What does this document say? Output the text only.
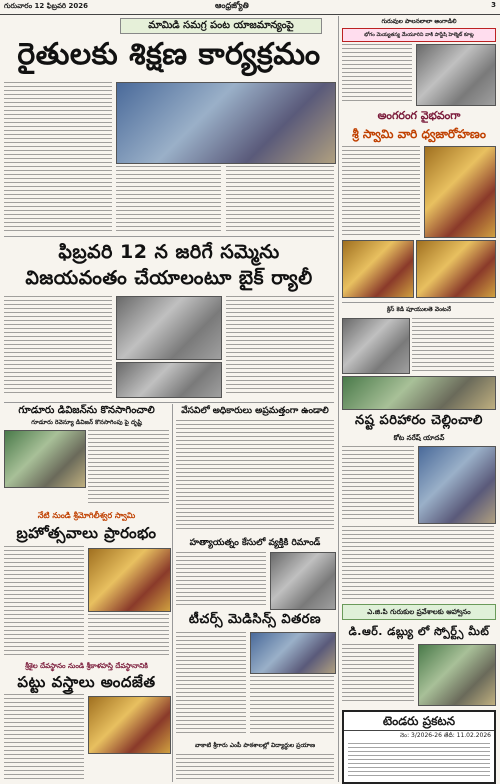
గురువారం 12 ఫిబ్రవరి 2026	ఆంధ్రజ్యోతి	3
మామిడి సమగ్ర పంట యాజమాన్యంపై
రైతులకు శిక్షణ కార్యక్రమం
ఫిబ్రవరి 12 న జరిగే సమ్మెను
విజయవంతం చేయాలంటూ బైక్ ర్యాలీ
గూడూరు డివిజన్‌ను కొనసాగించాలి
గూడూరు రెవెన్యూ డివిజన్ కొనసాగింపు పై దృష్టి
వేసవిలో అధికారులు అప్రమత్తంగా ఉండాలి
నేటి నుండి శ్రీమోగిలీశ్వర స్వామి
బ్రహోత్సవాలు ప్రారంభం
హత్యాయత్నం కేసులో వ్యక్తికి రిమాండ్
టీచర్స్ మెడిసిన్స్ వితరణ
శ్రీశైల దేవస్థానం నుండి శ్రీకాళహస్తి దేవస్థానానికి
పట్టు వస్త్రాలు అందజేత
వాకాటి శ్రీగారు ఎంపీ పాఠశాలల్లో విద్యార్థుల ప్రయాణ
గురువుల పాలనలాలా అంగాడిలి
భోగం మెయ్యతస్య మేయూరిని వాకి పాస్టేషి హెల్మెట్ కూట్ల
అంగరంగ వైభవంగా
శ్రీ స్వామి వారి ధ్వజారోహణం
క్రిస్ కెడి పూయులతె వెంటనే
నష్ట పరిహారం చెల్లించాలి
కోట నరేష్ యాదవ్
ఎ.జి.పి గురుకుల ప్రవేశాలకు ఆహ్వానం
డి.ఆర్. డబ్ల్యు లో స్పోర్ట్స్ మీట్
టెండరు ప్రకటన
నెం: 3/2026-26 తేదీ: 11.02.2026
